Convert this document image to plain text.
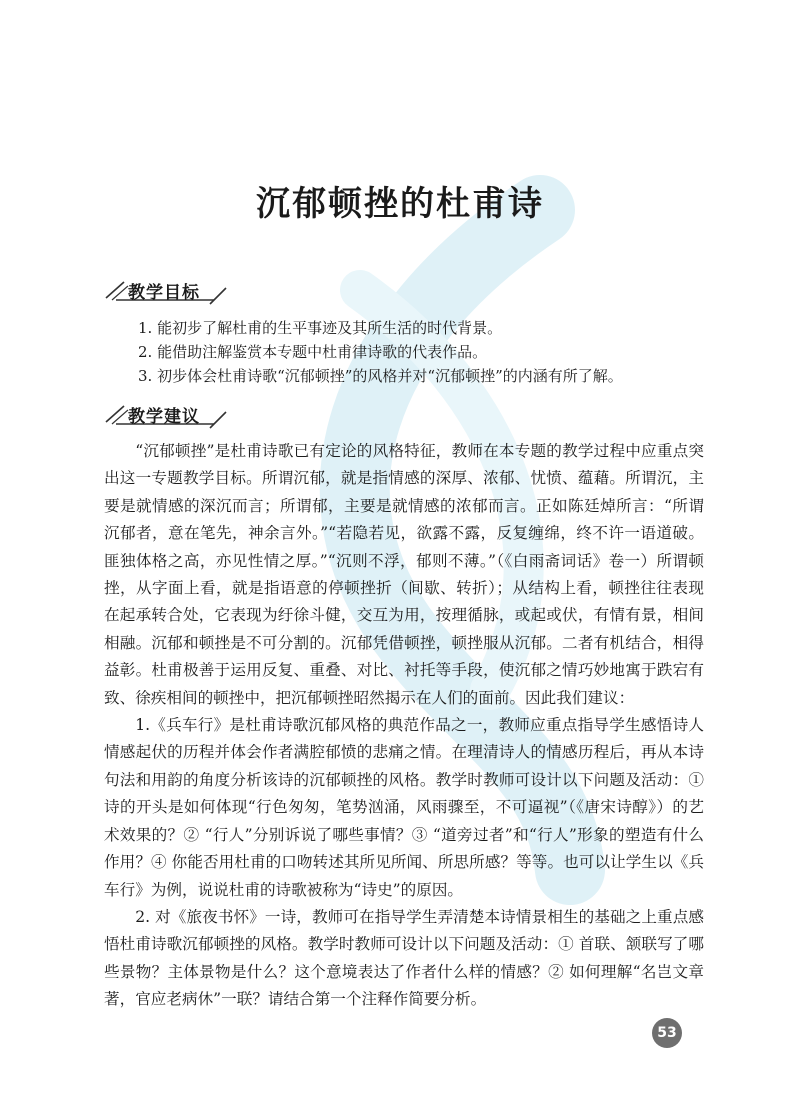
沉郁顿挫的杜甫诗
教学目标
1. 能初步了解杜甫的生平事迹及其所生活的时代背景。
2. 能借助注解鉴赏本专题中杜甫律诗歌的代表作品。
3. 初步体会杜甫诗歌“沉郁顿挫”的风格并对“沉郁顿挫”的内涵有所了解。
教学建议

“沉郁顿挫”是杜甫诗歌已有定论的风格特征，教师在本专题的教学过程中应重点突出这一专题教学目标。所谓沉郁，就是指情感的深厚、浓郁、忧愤、蕴藉。所谓沉，主要是就情感的深沉而言；所谓郁，主要是就情感的浓郁而言。正如陈廷焯所言：“所谓沉郁者，意在笔先，神余言外。”“若隐若见，欲露不露，反复缠绵，终不许一语道破。匪独体格之高，亦见性情之厚。”“沉则不浮，郁则不薄。”（《白雨斋词话》卷一）所谓顿挫，从字面上看，就是指语意的停顿挫折（间歇、转折）；从结构上看，顿挫往往表现在起承转合处，它表现为纡徐斗健，交互为用，按理循脉，或起或伏，有情有景，相间相融。沉郁和顿挫是不可分割的。沉郁凭借顿挫，顿挫服从沉郁。二者有机结合，相得益彰。杜甫极善于运用反复、重叠、对比、衬托等手段，使沉郁之情巧妙地寓于跌宕有致、徐疾相间的顿挫中，把沉郁顿挫昭然揭示在人们的面前。因此我们建议：

1.《兵车行》是杜甫诗歌沉郁风格的典范作品之一，教师应重点指导学生感悟诗人情感起伏的历程并体会作者满腔郁愤的悲痛之情。在理清诗人的情感历程后，再从本诗句法和用韵的角度分析该诗的沉郁顿挫的风格。教学时教师可设计以下问题及活动：① 诗的开头是如何体现“行色匆匆，笔势汹涌，风雨骤至，不可逼视”（《唐宋诗醇》）的艺术效果的？② “行人”分别诉说了哪些事情？③ “道旁过者”和“行人”形象的塑造有什么作用？④ 你能否用杜甫的口吻转述其所见所闻、所思所感？等等。也可以让学生以《兵车行》为例，说说杜甫的诗歌被称为“诗史”的原因。

2. 对《旅夜书怀》一诗，教师可在指导学生弄清楚本诗情景相生的基础之上重点感悟杜甫诗歌沉郁顿挫的风格。教学时教师可设计以下问题及活动：① 首联、颔联写了哪些景物？主体景物是什么？这个意境表达了作者什么样的情感？② 如何理解“名岂文章著，官应老病休”一联？请结合第一个注释作简要分析。

53
